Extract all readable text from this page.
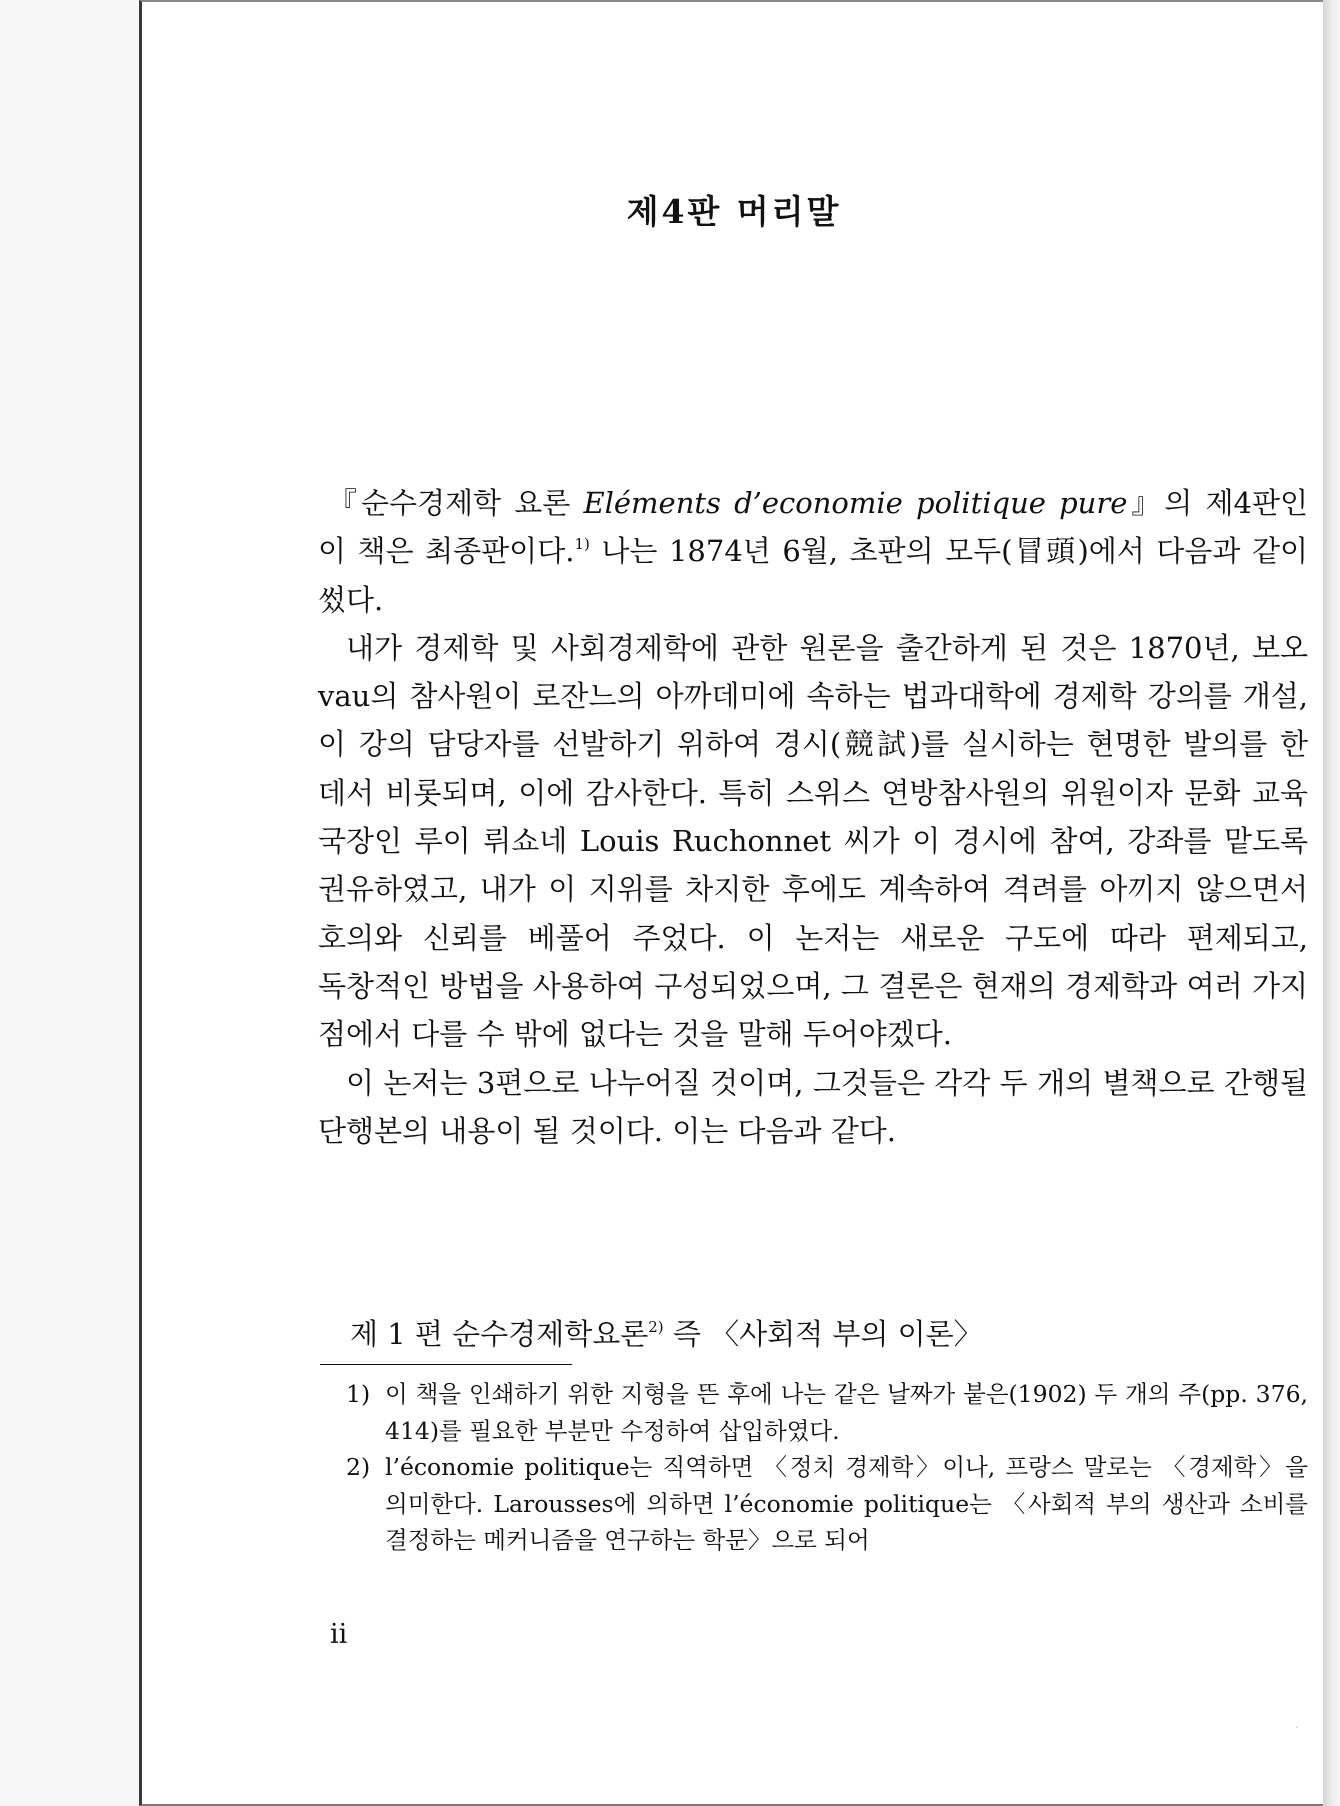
제4판 머리말

『순수경제학 요론 Eléments d’economie politique pure』의 제4판인 이 책은 최종판이다.$^{1)}$ 나는 1874년 6월, 초판의 모두(冒頭)에서 다음과 같이 썼다.

내가 경제학 및 사회경제학에 관한 원론을 출간하게 된 것은 1870년, 보오 vau의 참사원이 로잔느의 아까데미에 속하는 법과대학에 경제학 강의를 개설, 이 강의 담당자를 선발하기 위하여 경시(競試)를 실시하는 현명한 발의를 한 데서 비롯되며, 이에 감사한다. 특히 스위스 연방참사원의 위원이자 문화 교육 국장인 루이 뤼쇼네 Louis Ruchonnet 씨가 이 경시에 참여, 강좌를 맡도록 권유하였고, 내가 이 지위를 차지한 후에도 계속하여 격려를 아끼지 않으면서 호의와 신뢰를 베풀어 주었다. 이 논저는 새로운 구도에 따라 편제되고, 독창적인 방법을 사용하여 구성되었으며, 그 결론은 현재의 경제학과 여러 가지 점에서 다를 수 밖에 없다는 것을 말해 두어야겠다.

이 논저는 3편으로 나누어질 것이며, 그것들은 각각 두 개의 별책으로 간행될 단행본의 내용이 될 것이다. 이는 다음과 같다.

제 1 편 순수경제학요론$^{2)}$ 즉 〈사회적 부의 이론〉
1) 이 책을 인쇄하기 위한 지형을 뜬 후에 나는 같은 날짜가 붙은(1902) 두 개의 주(pp. 376, 414)를 필요한 부분만 수정하여 삽입하였다.
2) l’économie politique는 직역하면 〈정치 경제학〉이나, 프랑스 말로는 〈경제학〉을 의미한다. Larousses에 의하면 l’économie politique는 〈사회적 부의 생산과 소비를 결정하는 메커니즘을 연구하는 학문〉으로 되어
ii
·
